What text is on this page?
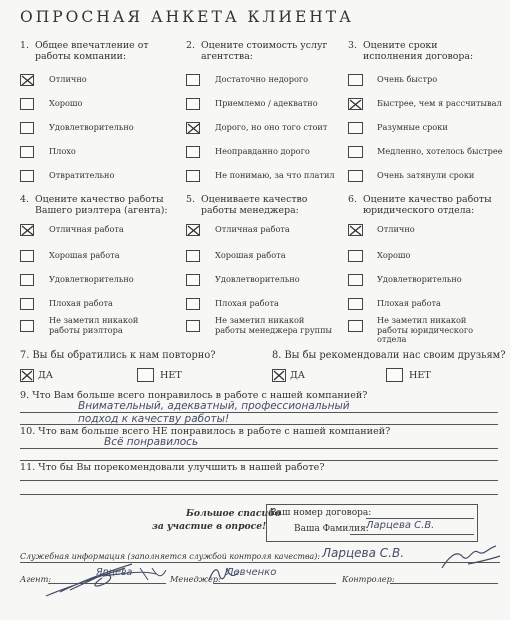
ОПРОСНАЯ АНКЕТА КЛИЕНТА
1. Общее впечатление от работы компании:
Отлично
Хорошо
Удовлетворительно
Плохо
Отвратительно
2. Оцените стоимость услуг агентства:
Достаточно недорого
Приемлемо / адекватно
Дорого, но оно того стоит
Неоправданно дорого
Не понимаю, за что платил
3. Оцените сроки исполнения договора:
Очень быстро
Быстрее, чем я рассчитывал
Разумные сроки
Медленно, хотелось быстрее
Очень затянули сроки
4. Оцените качество работы Вашего риэлтера (агента):
Отличная работа
Хорошая работа
Удовлетворительно
Плохая работа
Не заметил никакой работы риэлтора
5. Оценивaете качество работы менеджера:
Отличная работа
Хорошая работа
Удовлетворительно
Плохая работа
Не заметил никакой работы менеджера группы
6. Оцените качество работы юридического отдела:
Отлично
Хорошо
Удовлетворительно
Плохая работа
Не заметил никакой работы юридического отдела
7. Вы бы обратились к нам повторно?
ДА	НЕТ
8. Вы бы рекомендовали нас своим друзьям?
ДА	НЕТ
9. Что Вам больше всего понравилось в работе с нашей компанией?
Внимательный, адекватный, профессиональный
подход к качеству работы!
10. Что вам больше всего НЕ понравилось в работе с нашей компанией?
Всё понравилось
11. Что бы Вы порекомендовали улучшить в нашей работе?
Большое спасибо
за участие в опросе!
Ваш номер договора:
Ваша Фамилия:
Ларцева С.В.
Служебная информация (заполняется службой контроля качества): Ларцева С.В.
Агент:
Ярцева
Менеджер:
Левченко
Контролер:
